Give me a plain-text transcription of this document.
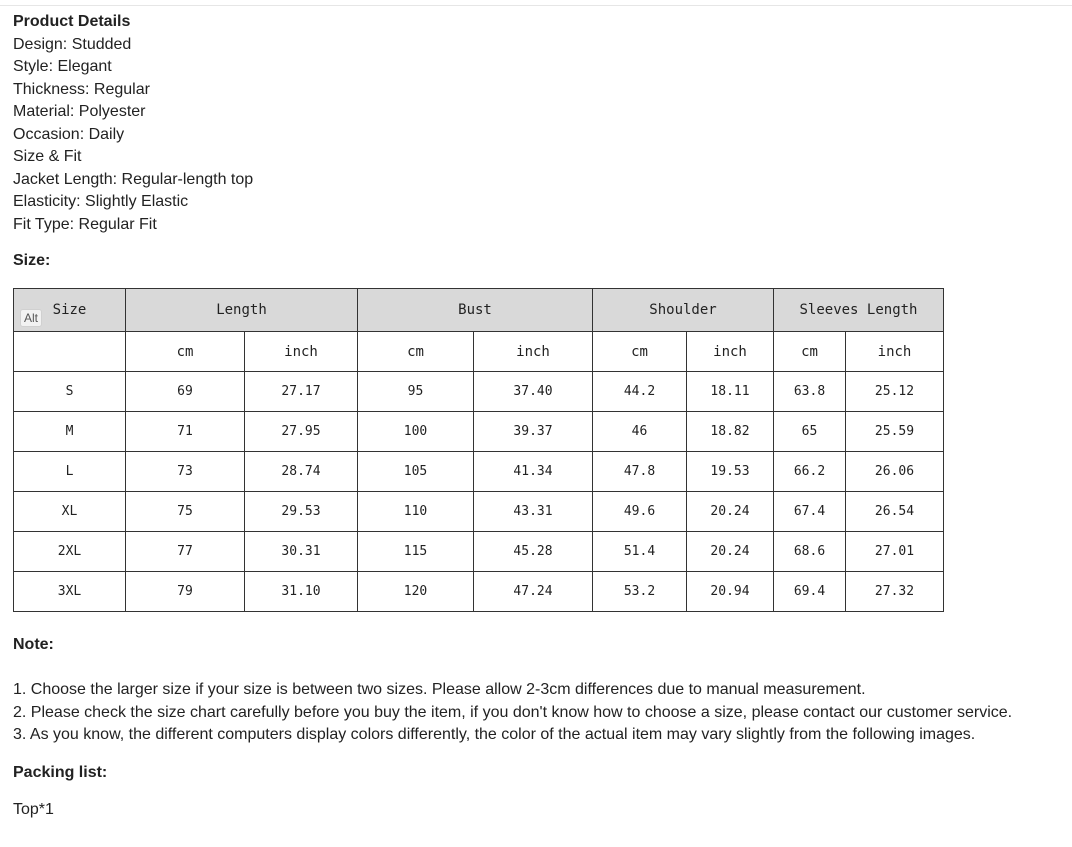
Product Details
Design: Studded
Style: Elegant
Thickness: Regular
Material: Polyester
Occasion: Daily
Size & Fit
Jacket Length: Regular-length top
Elasticity: Slightly Elastic
Fit Type: Regular Fit
Size:
Alt Size	Length		Bust		Shoulder		Sleeves Length	
	cm	inch	cm	inch	cm	inch	cm	inch
S	69	27.17	95	37.40	44.2	18.11	63.8	25.12
M	71	27.95	100	39.37	46	18.82	65	25.59
L	73	28.74	105	41.34	47.8	19.53	66.2	26.06
XL	75	29.53	110	43.31	49.6	20.24	67.4	26.54
2XL	77	30.31	115	45.28	51.4	20.24	68.6	27.01
3XL	79	31.10	120	47.24	53.2	20.94	69.4	27.32
Note:
1. Choose the larger size if your size is between two sizes. Please allow 2-3cm differences due to manual measurement.
2. Please check the size chart carefully before you buy the item, if you don't know how to choose a size, please contact our customer service.
3. As you know, the different computers display colors differently, the color of the actual item may vary slightly from the following images.
Packing list:
Top*1
